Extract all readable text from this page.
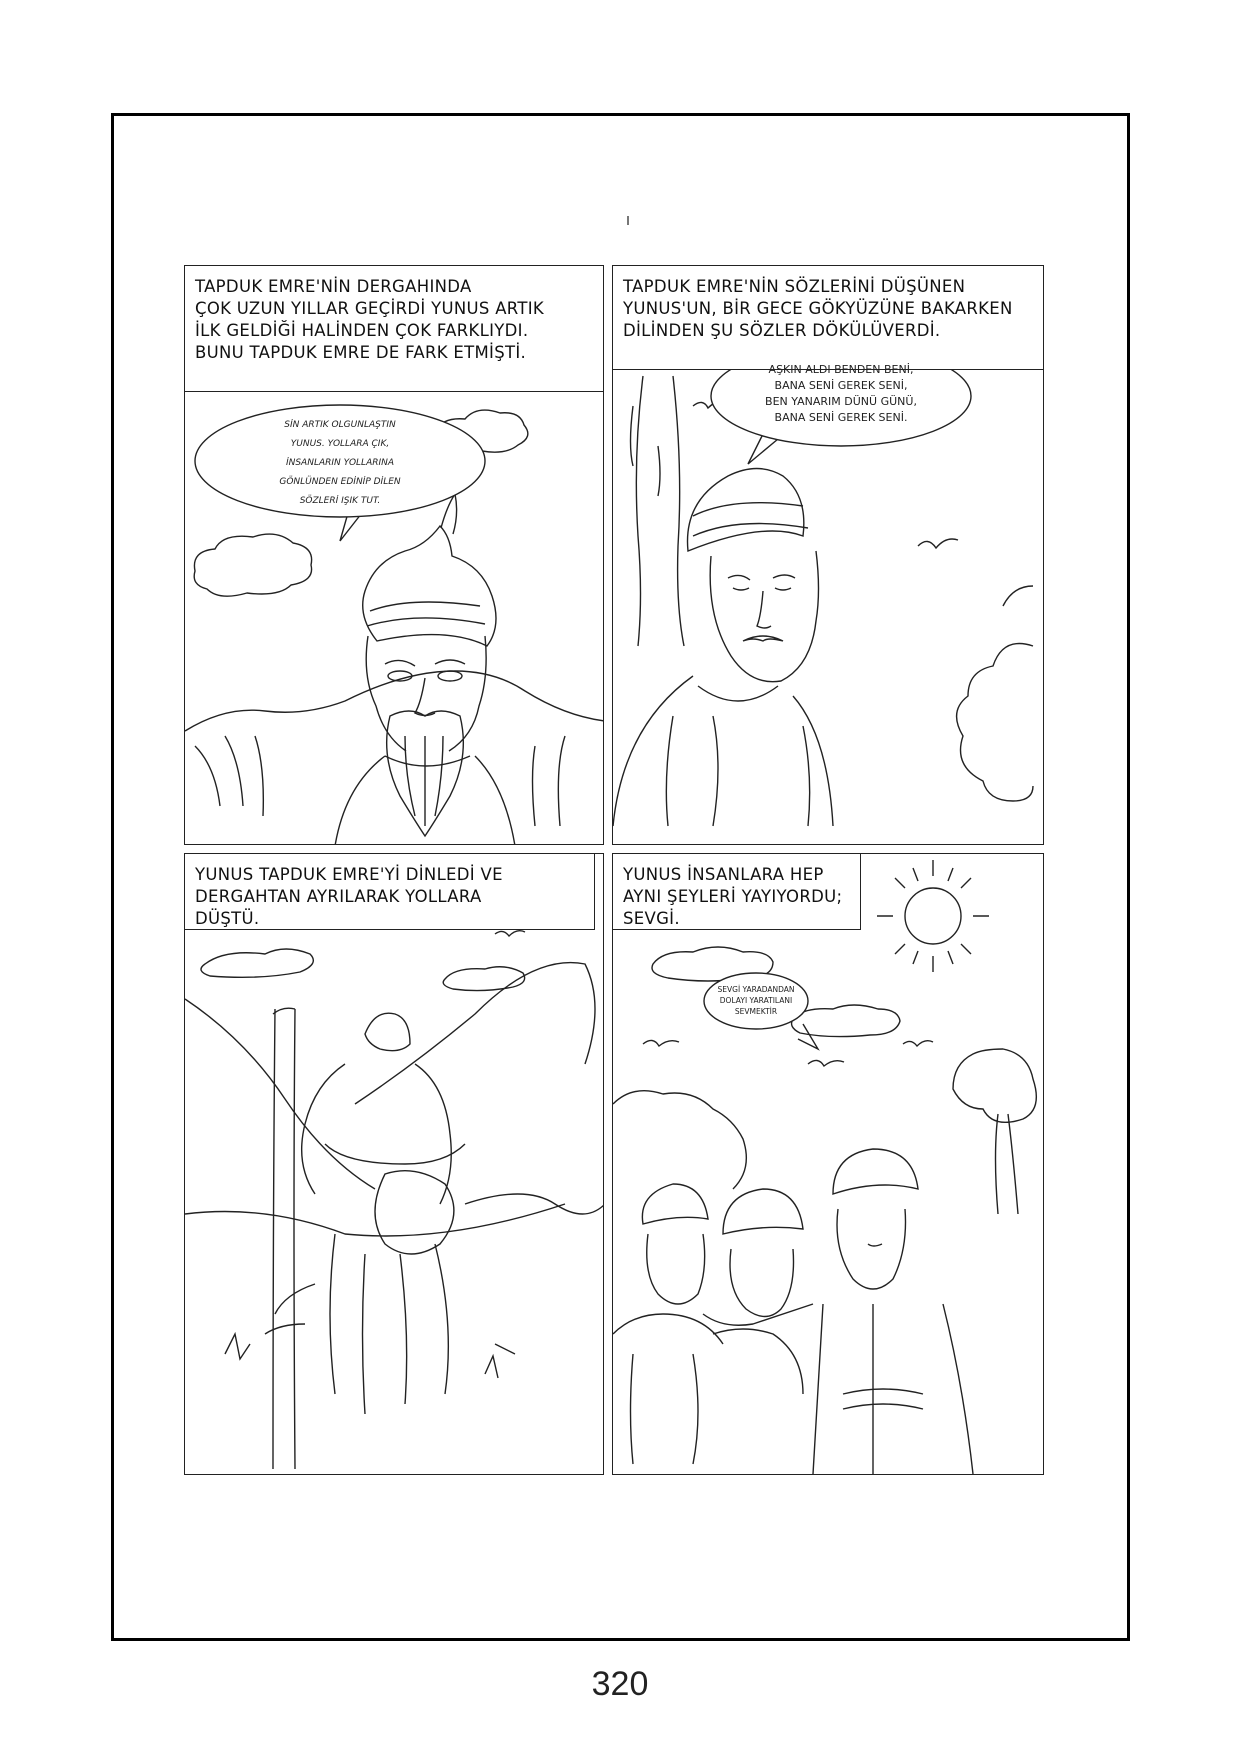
TAPDUK EMRE'NİN DERGAHINDA
ÇOK UZUN YILLAR GEÇİRDİ YUNUS ARTIK
İLK GELDİĞİ HALİNDEN ÇOK FARKLIYDI.
BUNU TAPDUK EMRE DE FARK ETMİŞTİ.
SİN ARTIK OLGUNLAŞTIN
YUNUS. YOLLARA ÇIK,
İNSANLARIN YOLLARINA
GÖNLÜNDEN EDİNİP DİLEN
SÖZLERİ IŞIK TUT.
TAPDUK EMRE'NİN SÖZLERİNİ DÜŞÜNEN
YUNUS'UN, BİR GECE GÖKYÜZÜNE BAKARKEN
DİLİNDEN ŞU SÖZLER DÖKÜLÜVERDİ.
AŞKIN ALDI BENDEN BENİ,
BANA SENİ GEREK SENİ,
BEN YANARIM DÜNÜ GÜNÜ,
BANA SENİ GEREK SENİ.
YUNUS TAPDUK EMRE'Yİ DİNLEDİ VE
DERGAHTAN AYRILARAK YOLLARA
DÜŞTÜ.
YUNUS İNSANLARA HEP
AYNI ŞEYLERİ YAYIYORDU;
SEVGİ.
SEVGİ YARADANDAN
DOLAYI YARATILANI
SEVMEKTİR
320
